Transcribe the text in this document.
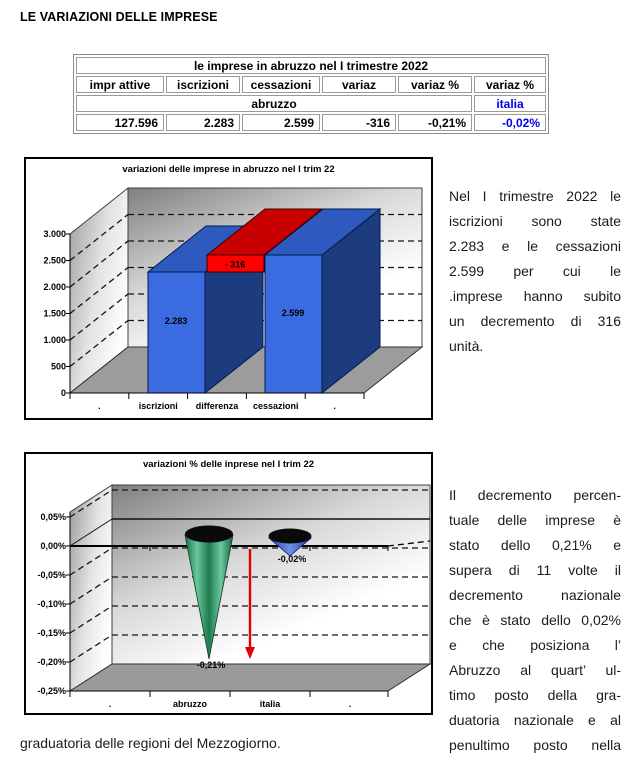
LE VARIAZIONI DELLE IMPRESE
le imprese in abruzzo nel I trimestre 2022					
impr attive	iscrizioni	cessazioni	variaz	variaz %	variaz %
abruzzo					italia
127.596	2.283	2.599	-316	-0,21%	-0,02%
variazioni delle imprese in abruzzo nel I trim 22
3.000
2.500
2.000
1.500
1.000
500
0
2.283
- 316
2.599
.	iscrizioni differenza cessazioni	.
variazioni % delle inprese nel I trim 22
0,05%
0,00%
-0,05%
-0,10%
-0,15%
-0,20%
-0,25%
-0,21%
-0,02%
.	abruzzo	italia	.
Nel I trimestre 2022 le
iscrizioni sono state
2.283 e le cessazioni
2.599 per cui le
.imprese hanno subito
un decremento di 316
unità.
Il decremento percen-
tuale delle imprese è
stato dello 0,21% e
supera di 11 volte il
decremento nazionale
che è stato dello 0,02%
e che posiziona l’
Abruzzo al quart’ ul-
timo posto della gra-
duatoria nazionale e al
penultimo posto nella
graduatoria delle regioni del Mezzogiorno.
